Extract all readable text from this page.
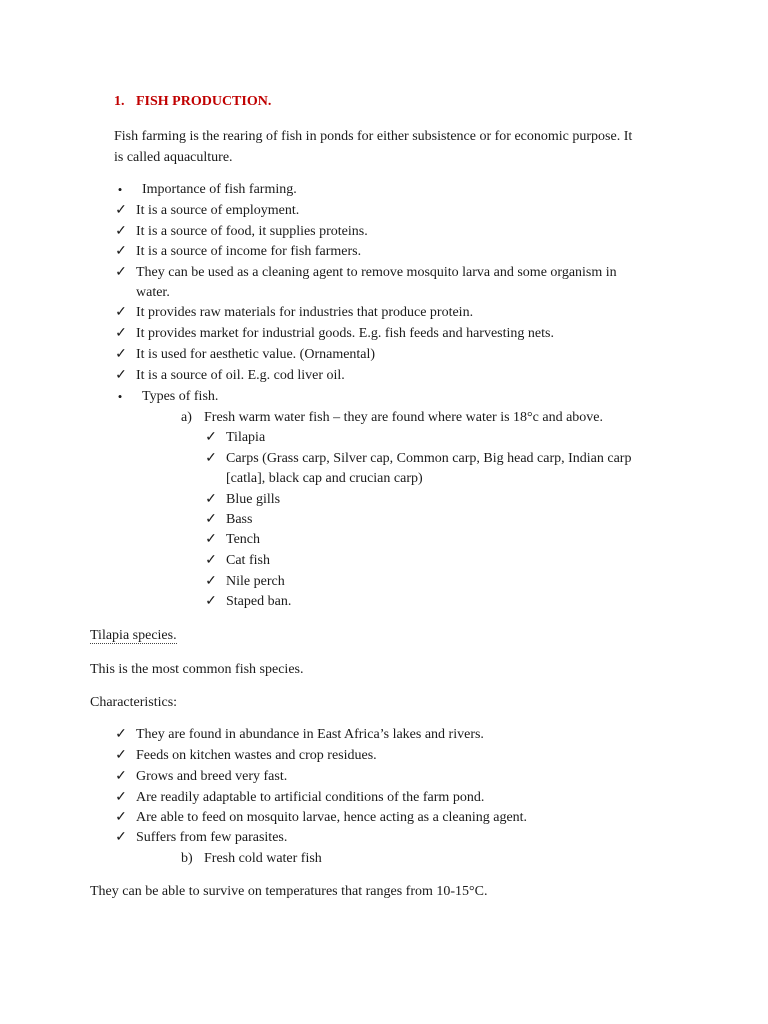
1. FISH PRODUCTION.
Fish farming is the rearing of fish in ponds for either subsistence or for economic purpose. It
is called aquaculture.
• Importance of fish farming.
✓ It is a source of employment.
✓ It is a source of food, it supplies proteins.
✓ It is a source of income for fish farmers.
✓ They can be used as a cleaning agent to remove mosquito larva and some organism in
water.
✓ It provides raw materials for industries that produce protein.
✓ It provides market for industrial goods. E.g. fish feeds and harvesting nets.
✓ It is used for aesthetic value. (Ornamental)
✓ It is a source of oil. E.g. cod liver oil.
• Types of fish.
a) Fresh warm water fish – they are found where water is 18°c and above.
✓ Tilapia
✓ Carps (Grass carp, Silver cap, Common carp, Big head carp, Indian carp
[catla], black cap and crucian carp)
✓ Blue gills
✓ Bass
✓ Tench
✓ Cat fish
✓ Nile perch
✓ Staped ban.
Tilapia species.
This is the most common fish species.
Characteristics:
✓ They are found in abundance in East Africa’s lakes and rivers.
✓ Feeds on kitchen wastes and crop residues.
✓ Grows and breed very fast.
✓ Are readily adaptable to artificial conditions of the farm pond.
✓ Are able to feed on mosquito larvae, hence acting as a cleaning agent.
✓ Suffers from few parasites.
b) Fresh cold water fish
They can be able to survive on temperatures that ranges from 10-15°C.
